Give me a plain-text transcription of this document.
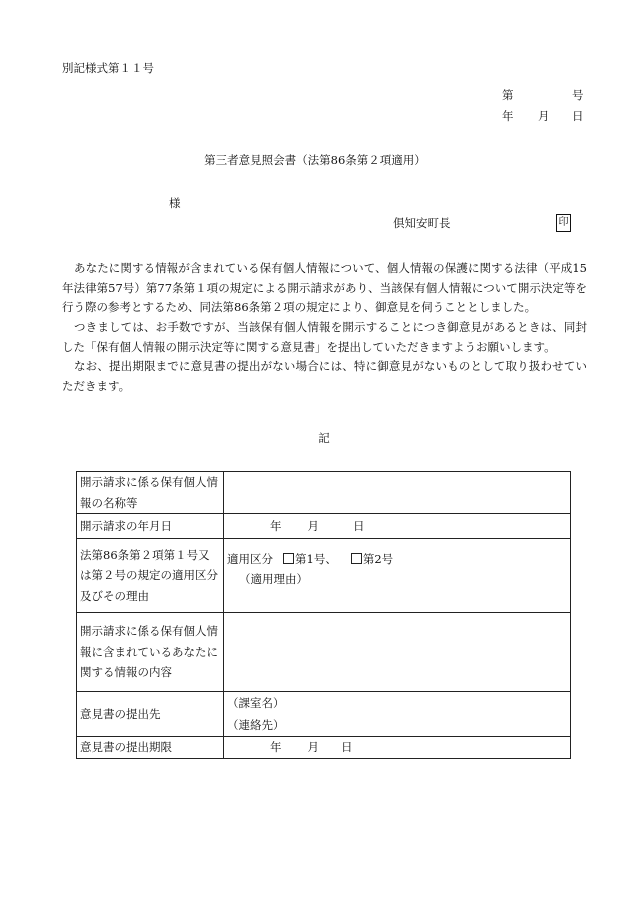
別記様式第１１号
第	号
年 月 日
第三者意見照会書（法第86条第２項適用）
様
倶知安町長	印

あなたに関する情報が含まれている保有個人情報について、個人情報の保護に関する法律（平成15年法律第57号）第77条第１項の規定による開示請求があり、当該保有個人情報について開示決定等を行う際の参考とするため、同法第86条第２項の規定により、御意見を伺うこととしました。

つきましては、お手数ですが、当該保有個人情報を開示することにつき御意見があるときは、同封した「保有個人情報の開示決定等に関する意見書」を提出していただきますようお願いします。

なお、提出期限までに意見書の提出がない場合には、特に御意見がないものとして取り扱わせていただきます。

記
開示請求に係る保有個人情報の名称等	
開示請求の年月日	年 月 日
法第86条第２項第１号又は第２号の規定の適用区分及びその理由	適用区分 第1号、 第2号
（適用理由）

開示請求に係る保有個人情報に含まれているあなたに関する情報の内容	
意見書の提出先	（課室名）
（連絡先）

意見書の提出期限	年 月 日
